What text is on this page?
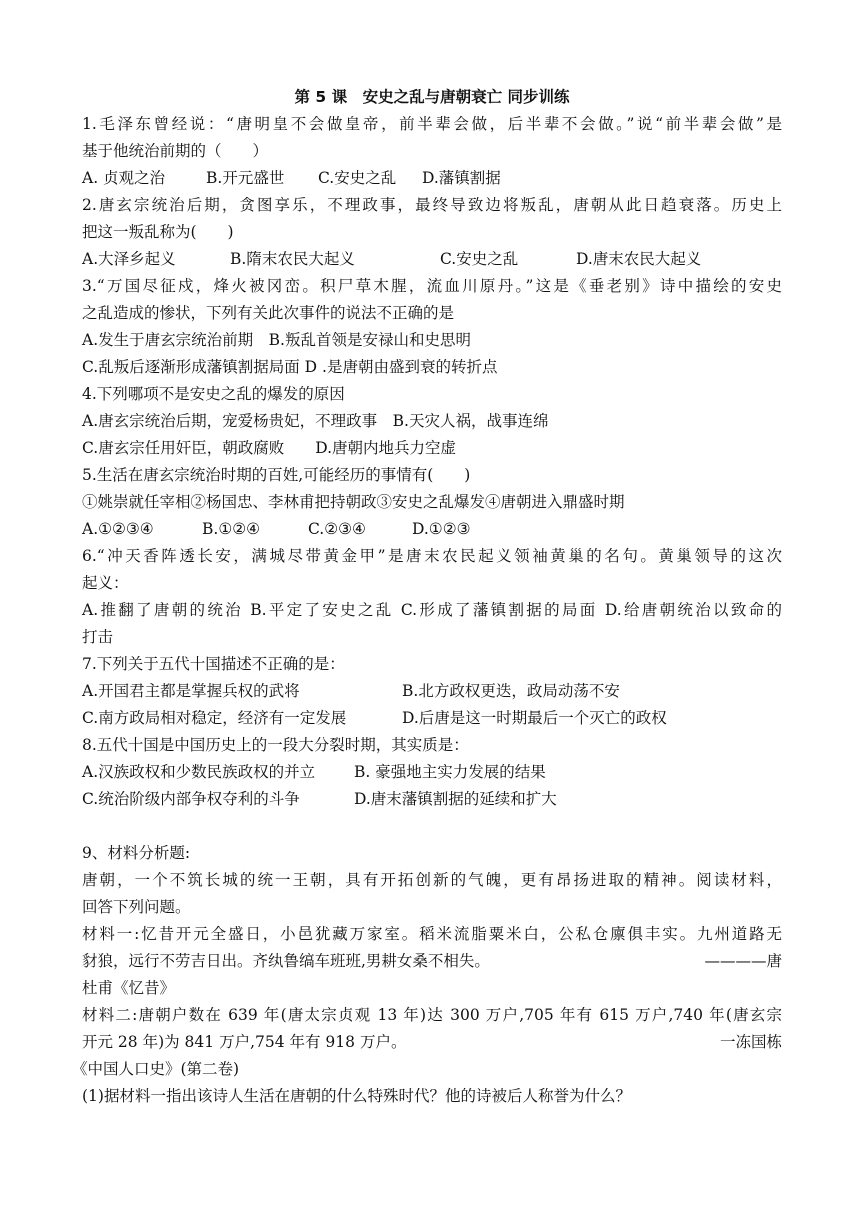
第 5 课　安史之乱与唐朝衰亡 同步训练
1.毛泽东曾经说：“唐明皇不会做皇帝，前半辈会做，后半辈不会做。”说“前半辈会做”是
基于他统治前期的（　　）
A. 贞观之治	B.开元盛世	C.安史之乱	D.藩镇割据
2.唐玄宗统治后期，贪图享乐，不理政事，最终导致边将叛乱，唐朝从此日趋衰落。历史上
把这一叛乱称为(　　)
A.大泽乡起义	B.隋末农民大起义	C.安史之乱	D.唐末农民大起义
3.“万国尽征戍，烽火被冈峦。积尸草木腥，流血川原丹。”这是《垂老别》诗中描绘的安史
之乱造成的惨状，下列有关此次事件的说法不正确的是
A.发生于唐玄宗统治前期　B.叛乱首领是安禄山和史思明
C.乱叛后逐渐形成藩镇割据局面 D .是唐朝由盛到衰的转折点
4.下列哪项不是安史之乱的爆发的原因
A.唐玄宗统治后期，宠爱杨贵妃，不理政事　B.天灾人祸，战事连绵
C.唐玄宗任用奸臣，朝政腐败　　D.唐朝内地兵力空虚
5.生活在唐玄宗统治时期的百姓,可能经历的事情有(　　)
①姚崇就任宰相②杨国忠、李林甫把持朝政③安史之乱爆发④唐朝进入鼎盛时期
A.①②③④	B.①②④	C.②③④	D.①②③
6.“冲天香阵透长安，满城尽带黄金甲”是唐末农民起义领袖黄巢的名句。黄巢领导的这次
起义：
A.推翻了唐朝的统治 B.平定了安史之乱 C.形成了藩镇割据的局面 D.给唐朝统治以致命的
打击
7.下列关于五代十国描述不正确的是：
A.开国君主都是掌握兵权的武将	B.北方政权更迭，政局动荡不安
C.南方政局相对稳定，经济有一定发展	D.后唐是这一时期最后一个灭亡的政权
8.五代十国是中国历史上的一段大分裂时期，其实质是：
A.汉族政权和少数民族政权的并立	B. 豪强地主实力发展的结果
C.统治阶级内部争权夺利的斗争	D.唐末藩镇割据的延续和扩大
9、材料分析题:
唐朝，一个不筑长城的统一王朝，具有开拓创新的气魄，更有昂扬进取的精神。阅读材料，
回答下列问题。
材料一:忆昔开元全盛日，小邑犹藏万家室。稻米流脂粟米白，公私仓廪俱丰实。九州道路无
豺狼，远行不劳吉日出。齐纨鲁缟车班班,男耕女桑不相失。	————唐
杜甫《忆昔》
材料二:唐朝户数在 639 年(唐太宗贞观 13 年)达 300 万户,705 年有 615 万户,740 年(唐玄宗
开元 28 年)为 841 万户,754 年有 918 万户。	一冻国栋
《中国人口史》(第二卷)
(1)据材料一指出该诗人生活在唐朝的什么特殊时代？他的诗被后人称誉为什么？
